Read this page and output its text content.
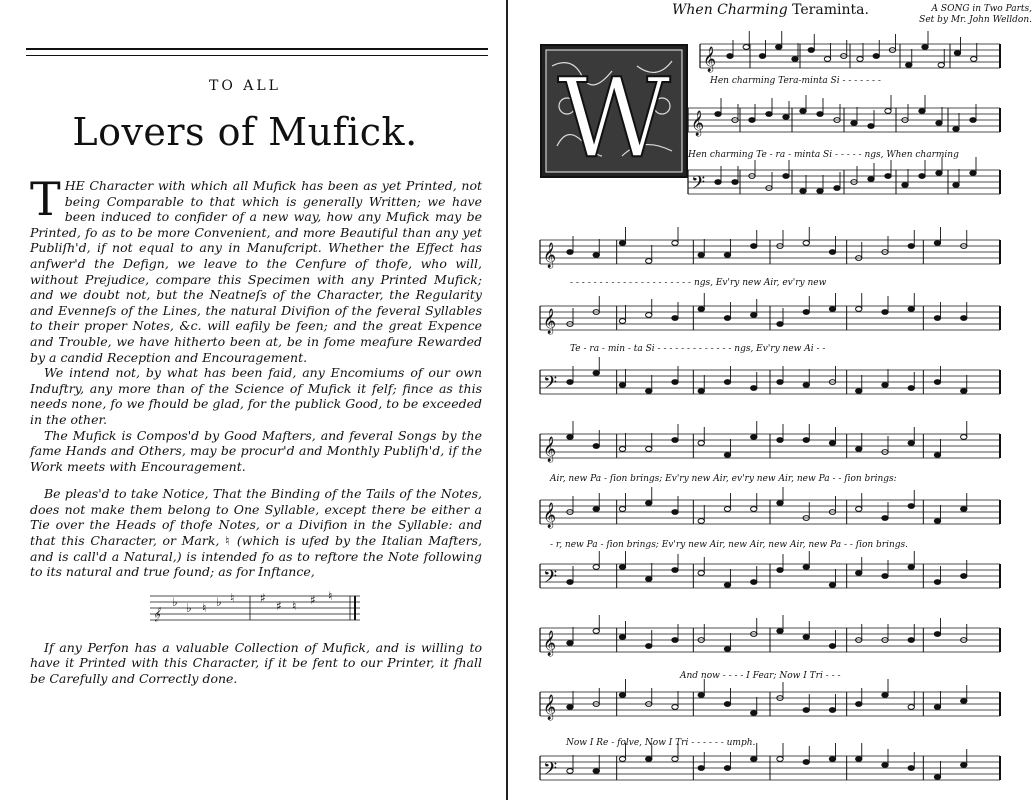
TO ALL
Lovers of Mufick.

THE Character with which all Mufick has been as yet Printed, not being Comparable to that which is generally Written; we have been induced to confider of a new way, how any Mufick may be Printed, fo as to be more Convenient, and more Beautiful than any yet Publiſh'd, if not equal to any in Manufcript. Whether the Effect has anfwer'd the Defign, we leave to the Cenfure of thofe, who will, without Prejudice, compare this Specimen with any Printed Mufick; and we doubt not, but the Neatneſs of the Character, the Regularity and Evenneſs of the Lines, the natural Divifion of the feveral Syllables to their proper Notes, &c. will eafily be feen; and the great Expence and Trouble, we have hitherto been at, be in fome meafure Rewarded by a candid Reception and Encouragement.

We intend not, by what has been faid, any Encomiums of our own Induftry, any more than of the Science of Mufick it felf; fince as this needs none, fo we fhould be glad, for the publick Good, to be exceeded in the other.

The Mufick is Compos'd by Good Mafters, and feveral Songs by the fame Hands and Others, may be procur'd and Monthly Publiſh'd, if the Work meets with Encouragement.

Be pleas'd to take Notice, That the Binding of the Tails of the Notes, does not make them belong to One Syllable, except there be either a Tie over the Heads of thofe Notes, or a Divifion in the Syllable: and that this Character, or Mark, ♮ (which is ufed by the Italian Mafters, and is call'd a Natural,) is intended fo as to reftore the Note following to its natural and true found; as for Inftance,

𝄞
♭ ♭ ♮ ♭ ♮ ♯
♯ ♮ ♯ ♮

If any Perfon has a valuable Collection of Mufick, and is willing to have it Printed with this Character, if it be fent to our Printer, it fhall be Carefully and Correctly done.

When Charming Teraminta.	A SONG in Two Parts,
Set by Mr. John Welldon.
𝄞
𝄞
𝄢
𝄞
𝄞
𝄢
𝄞
𝄞
𝄢
𝄞
𝄞
𝄢
W	Hen charming Tera-minta Si - - - - - - -
Hen charming Te - ra - minta Si - - - - - ngs, When charming
- - - - - - - - - - - - - - - - - - - - - ngs, Ev'ry new Air, ev'ry new
Te - ra - min - ta Si - - - - - - - - - - - - - ngs, Ev'ry new Ai - -
Air, new Pa - ſion brings; Ev'ry new Air, ev'ry new Air, new Pa - - ſion brings:
- r, new Pa - ſion brings; Ev'ry new Air, new Air, new Air, new Pa - - ſion brings.
And now - - - - I Fear; Now I Tri - - -
Now I Re - folve, Now I Tri - - - - - - umph.
